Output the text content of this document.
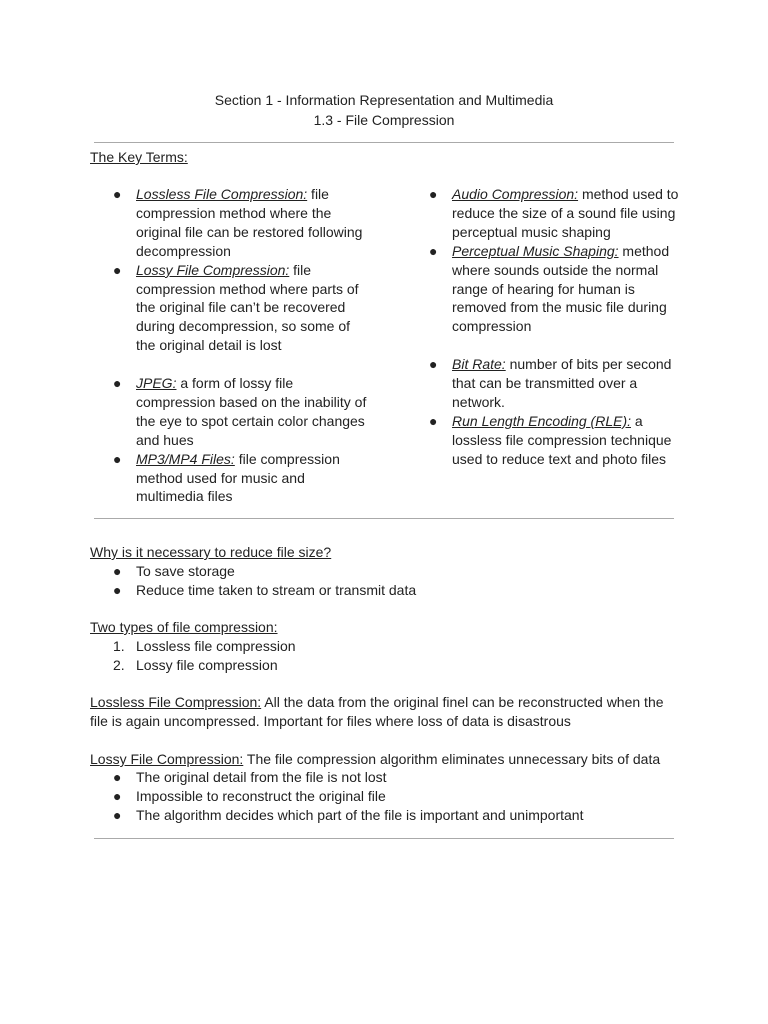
Section 1 - Information Representation and Multimedia
1.3 - File Compression
The Key Terms:
● Lossless File Compression: file compression method where the original file can be restored following decompression
● Lossy File Compression: file compression method where parts of the original file can’t be recovered during decompression, so some of the original detail is lost
● JPEG: a form of lossy file compression based on the inability of the eye to spot certain color changes and hues
● MP3/MP4 Files: file compression method used for music and multimedia files
● Audio Compression: method used to reduce the size of a sound file using perceptual music shaping
● Perceptual Music Shaping: method where sounds outside the normal range of hearing for human is removed from the music file during compression
● Bit Rate: number of bits per second that can be transmitted over a network.
● Run Length Encoding (RLE): a lossless file compression technique used to reduce text and photo files
Why is it necessary to reduce file size?
● To save storage
● Reduce time taken to stream or transmit data
Two types of file compression:
1. Lossless file compression
2. Lossy file compression
Lossless File Compression: All the data from the original finel can be reconstructed when the file is again uncompressed. Important for files where loss of data is disastrous
Lossy File Compression: The file compression algorithm eliminates unnecessary bits of data
● The original detail from the file is not lost
● Impossible to reconstruct the original file
● The algorithm decides which part of the file is important and unimportant
